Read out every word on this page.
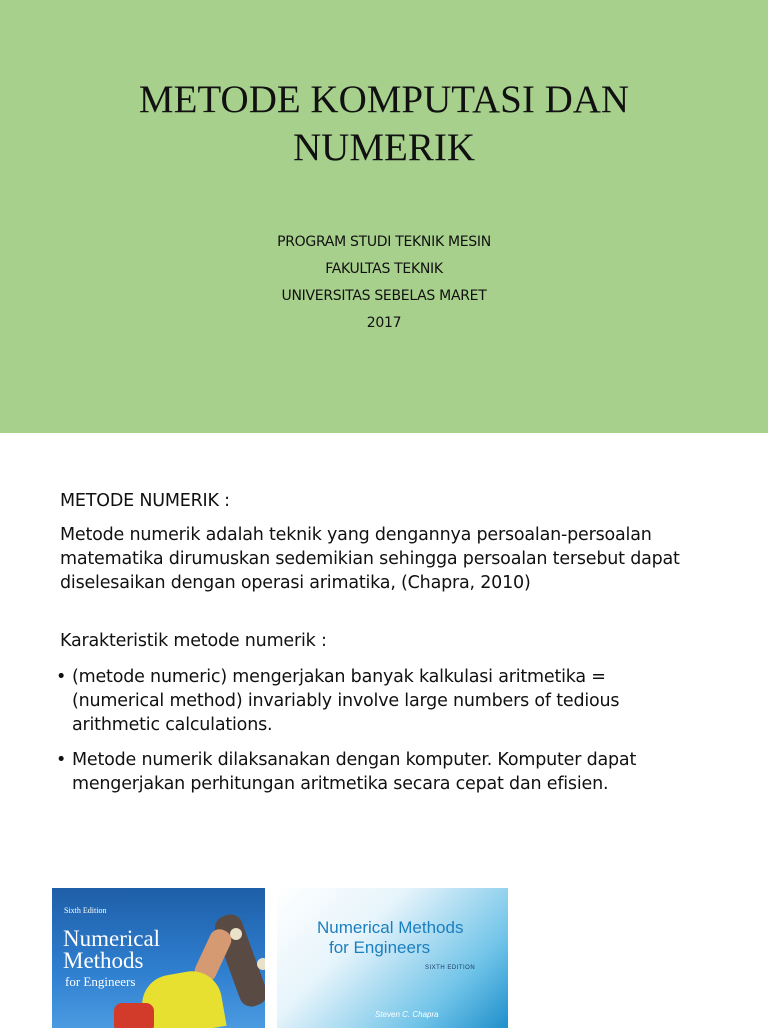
METODE KOMPUTASI DAN
NUMERIK
PROGRAM STUDI TEKNIK MESIN
FAKULTAS TEKNIK
UNIVERSITAS SEBELAS MARET
2017
METODE NUMERIK :
Metode numerik adalah teknik yang dengannya persoalan-persoalan
matematika dirumuskan sedemikian sehingga persoalan tersebut dapat
diselesaikan dengan operasi arimatika, (Chapra, 2010)
Karakteristik metode numerik :
• (metode numeric) mengerjakan banyak kalkulasi aritmetika =
(numerical method) invariably involve large numbers of tedious
arithmetic calculations.
• Metode numerik dilaksanakan dengan komputer. Komputer dapat
mengerjakan perhitungan aritmetika secara cepat dan efisien.
Sixth Edition
Numerical
Methods
for Engineers
Numerical Methods
for Engineers
SIXTH EDITION
Steven C. Chapra
